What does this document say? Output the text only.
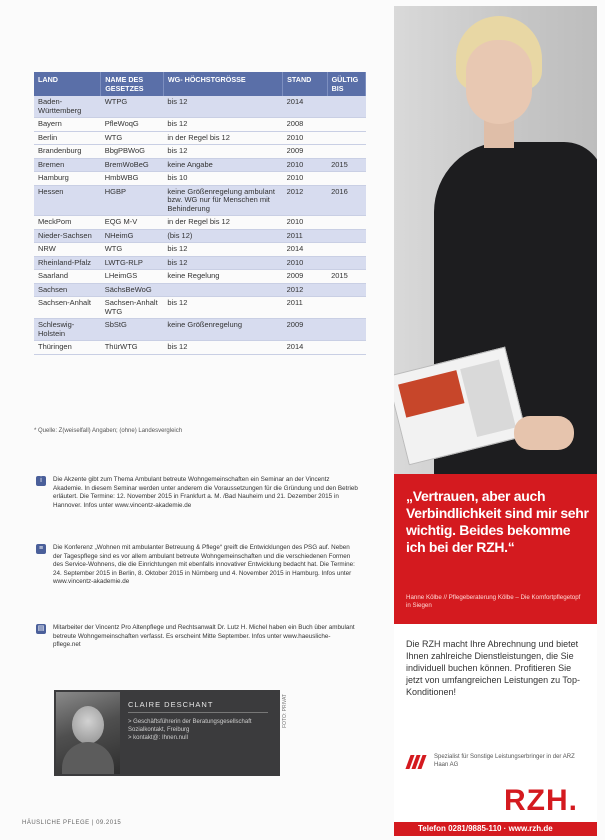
LAND	NAME DES GESETZES	WG- HÖCHSTGRÖSSE	STAND	GÜLTIG BIS
Baden-Württemberg	WTPG	bis 12	2014	
Bayern	PfleWoqG	bis 12	2008	
Berlin	WTG	in der Regel bis 12	2010	
Brandenburg	BbgPBWoG	bis 12	2009	
Bremen	BremWoBeG	keine Angabe	2010	2015
Hamburg	HmbWBG	bis 10	2010	
Hessen	HGBP	keine Größenregelung ambulant bzw. WG nur für Menschen mit Behinderung	2012	2016
MeckPom	EQG M-V	in der Regel bis 12	2010	
Nieder-Sachsen	NHeimG	(bis 12)	2011	
NRW	WTG	bis 12	2014	
Rheinland-Pfalz	LWTG-RLP	bis 12	2010	
Saarland	LHeimGS	keine Regelung	2009	2015
Sachsen	SächsBeWoG		2012	
Sachsen-Anhalt	Sachsen-Anhalt WTG	bis 12	2011	
Schleswig-Holstein	SbStG	keine Größenregelung	2009	
Thüringen	ThürWTG	bis 12	2014	
* Quelle: Z(weiselfall) Angaben; (ohne) Landesvergleich
i	Die Akzente gibt zum Thema Ambulant betreute Wohngemeinschaften ein Seminar an der Vincentz Akademie. In diesem Seminar werden unter anderem die Voraussetzungen für die Gründung und den Betrieb erläutert. Die Termine: 12. November 2015 in Frankfurt a. M. /Bad Nauheim und 21. Dezember 2015 in Hannover. Infos unter www.vincentz-akademie.de

≡	Die Konferenz „Wohnen mit ambulanter Betreuung & Pflege“ greift die Entwicklungen des PSG auf. Neben der Tagespflege sind es vor allem ambulant betreute Wohngemeinschaften und die verschiedenen Formen des Service-Wohnens, die die Einrichtungen mit ebenfalls innovativer Entwicklung bedacht hat. Die Termine: 24. September 2015 in Berlin, 8. Oktober 2015 in Nürnberg und 4. November 2015 in Hamburg. Infos unter www.vincentz-akademie.de

▤ Mitarbeiter der Vincentz Pro Altenpflege und Rechtsanwalt Dr. Lutz H. Michel haben ein Buch über ambulant betreute Wohngemeinschaften verfasst. Es erscheint Mitte September. Infos unter www.haeusliche-pflege.net

CLAIRE DESCHANT
> Geschäftsführerin der Beratungsgesellschaft Sozialkontakt, Freiburg
> kontakt@: Ihnen.null
FOTO: PRIVAT
HÄUSLICHE PFLEGE | 09.2015
„Vertrauen, aber auch Verbindlichkeit sind mir sehr wichtig. Beides bekomme ich bei der RZH.“
Hanne Kölbe // Pflegeberaterung Kölbe – Die Komfortpflegetopf in Siegen
Die RZH macht Ihre Abrechnung und bietet Ihnen zahlreiche Dienstleistungen, die Sie individuell buchen können. Profitieren Sie jetzt von umfangreichen Leistungen zu Top-Konditionen!
Spezialist für Sonstige Leistungserbringer in der ARZ Haan AG
RZH.
Telefon 0281/9885-110 · www.rzh.de
